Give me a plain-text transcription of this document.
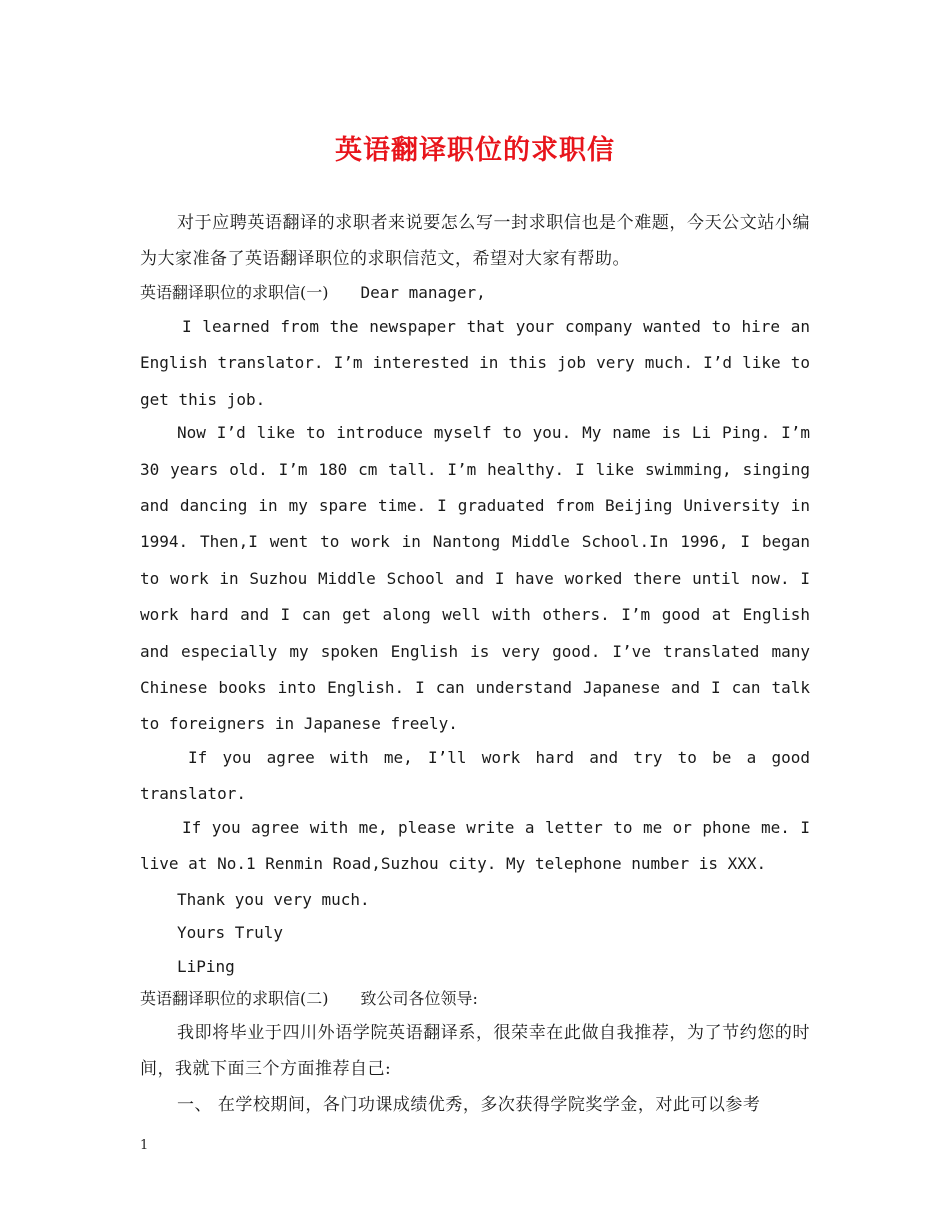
英语翻译职位的求职信

对于应聘英语翻译的求职者来说要怎么写一封求职信也是个难题，今天公文站小编为大家准备了英语翻译职位的求职信范文，希望对大家有帮助。

英语翻译职位的求职信(一) Dear manager,

I learned from the newspaper that your company wanted to hire an English translator. I’m interested in this job very much. I’d like to get this job.

Now I’d like to introduce myself to you. My name is Li Ping. I’m 30 years old. I’m 180 cm tall. I’m healthy. I like swimming, singing and dancing in my spare time. I graduated from Beijing University in 1994. Then,I went to work in Nantong Middle School.In 1996, I began to work in Suzhou Middle School and I have worked there until now. I work hard and I can get along well with others. I’m good at English and especially my spoken English is very good. I’ve translated many Chinese books into English. I can understand Japanese and I can talk to foreigners in Japanese freely.

If you agree with me, I’ll work hard and try to be a good translator.

If you agree with me, please write a letter to me or phone me. I live at No.1 Renmin Road,Suzhou city. My telephone number is XXX.

Thank you very much.

Yours Truly

LiPing

英语翻译职位的求职信(二) 致公司各位领导:

我即将毕业于四川外语学院英语翻译系，很荣幸在此做自我推荐，为了节约您的时间，我就下面三个方面推荐自己:

一、 在学校期间，各门功课成绩优秀，多次获得学院奖学金，对此可以参考

1
